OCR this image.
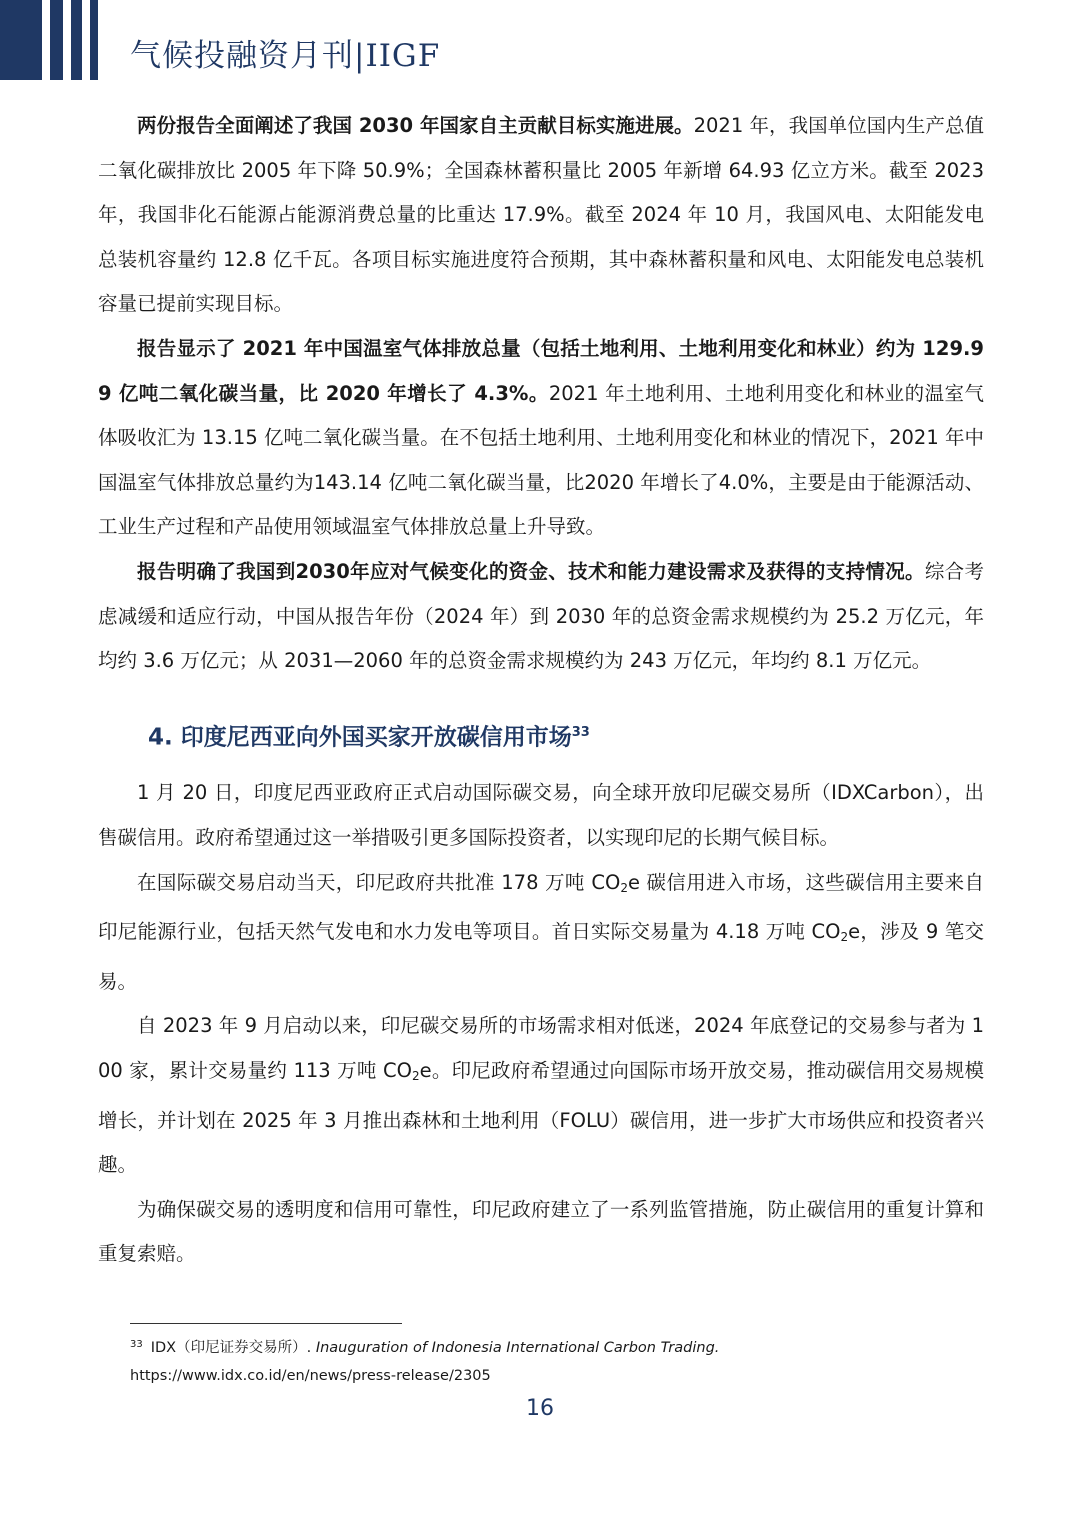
气候投融资月刊|IIGF

两份报告全面阐述了我国 2030 年国家自主贡献目标实施进展。2021 年，我国单位国内生产总值二氧化碳排放比 2005 年下降 50.9%；全国森林蓄积量比 2005 年新增 64.93 亿立方米。截至 2023 年，我国非化石能源占能源消费总量的比重达 17.9%。截至 2024 年 10 月，我国风电、太阳能发电总装机容量约 12.8 亿千瓦。各项目标实施进度符合预期，其中森林蓄积量和风电、太阳能发电总装机容量已提前实现目标。

报告显示了 2021 年中国温室气体排放总量（包括土地利用、土地利用变化和林业）约为 129.99 亿吨二氧化碳当量，比 2020 年增长了 4.3%。2021 年土地利用、土地利用变化和林业的温室气体吸收汇为 13.15 亿吨二氧化碳当量。在不包括土地利用、土地利用变化和林业的情况下，2021 年中国温室气体排放总量约为143.14 亿吨二氧化碳当量，比2020 年增长了4.0%，主要是由于能源活动、工业生产过程和产品使用领域温室气体排放总量上升导致。

报告明确了我国到2030年应对气候变化的资金、技术和能力建设需求及获得的支持情况。综合考虑减缓和适应行动，中国从报告年份（2024 年）到 2030 年的总资金需求规模约为 25.2 万亿元，年均约 3.6 万亿元；从 2031—2060 年的总资金需求规模约为 243 万亿元，年均约 8.1 万亿元。

4. 印度尼西亚向外国买家开放碳信用市场$^{33}$

1 月 20 日，印度尼西亚政府正式启动国际碳交易，向全球开放印尼碳交易所（IDXCarbon），出售碳信用。政府希望通过这一举措吸引更多国际投资者，以实现印尼的长期气候目标。

在国际碳交易启动当天，印尼政府共批准 178 万吨 $CO_2e$ 碳信用进入市场，这些碳信用主要来自印尼能源行业，包括天然气发电和水力发电等项目。首日实际交易量为 4.18 万吨 $CO_2e$，涉及 9 笔交易。

自 2023 年 9 月启动以来，印尼碳交易所的市场需求相对低迷，2024 年底登记的交易参与者为 100 家，累计交易量约 113 万吨 $CO_2e$。印尼政府希望通过向国际市场开放交易，推动碳信用交易规模增长，并计划在 2025 年 3 月推出森林和土地利用（FOLU）碳信用，进一步扩大市场供应和投资者兴趣。

为确保碳交易的透明度和信用可靠性，印尼政府建立了一系列监管措施，防止碳信用的重复计算和重复索赔。

$^{33}$ IDX（印尼证券交易所）. Inauguration of Indonesia International Carbon Trading.
https://www.idx.co.id/en/news/press-release/2305
16
